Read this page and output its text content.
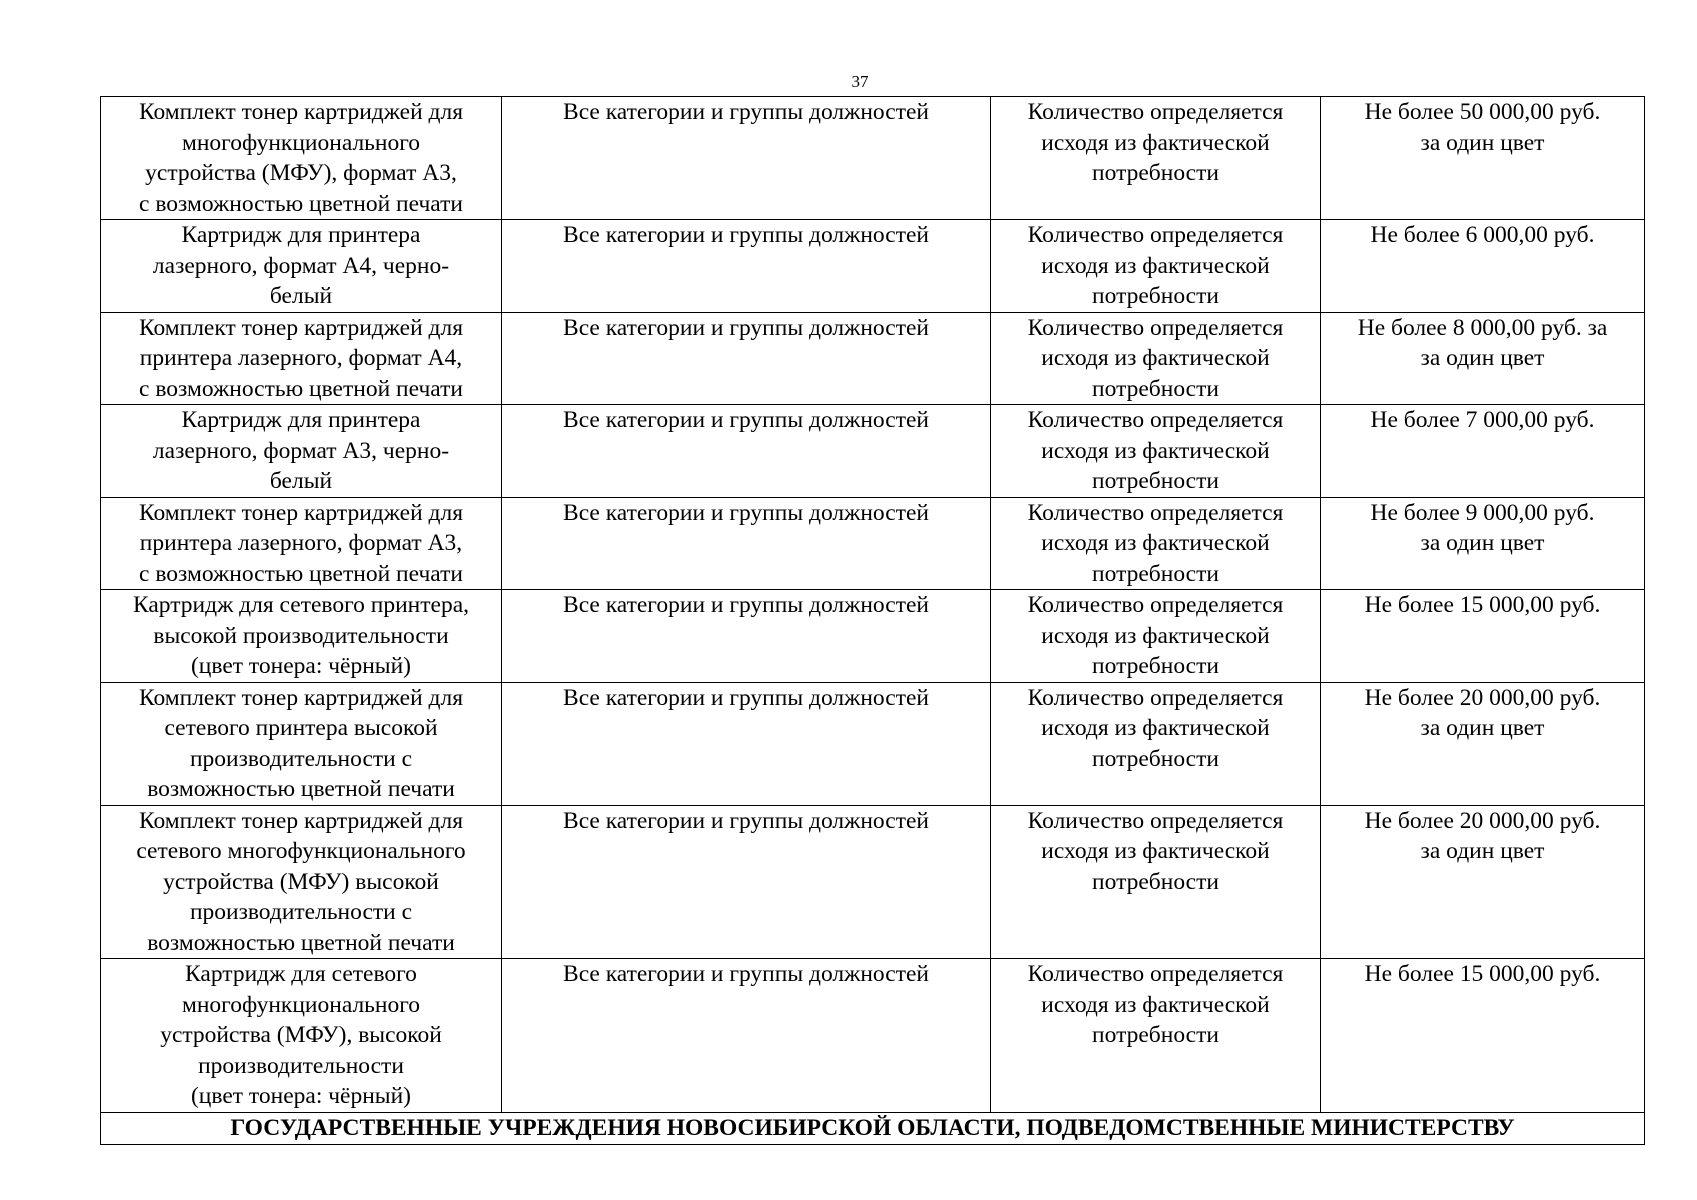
37
Комплект тонер картриджей для
многофункционального
устройства (МФУ), формат А3,
с возможностью цветной печати	Все категории и группы должностей	Количество определяется
исходя из фактической
потребности	Не более 50 000,00 руб.
за один цвет
Картридж для принтера
лазерного, формат А4, черно-
белый	Все категории и группы должностей	Количество определяется
исходя из фактической
потребности	Не более 6 000,00 руб.
Комплект тонер картриджей для
принтера лазерного, формат А4,
с возможностью цветной печати	Все категории и группы должностей	Количество определяется
исходя из фактической
потребности	Не более 8 000,00 руб. за
за один цвет
Картридж для принтера
лазерного, формат А3, черно-
белый	Все категории и группы должностей	Количество определяется
исходя из фактической
потребности	Не более 7 000,00 руб.
Комплект тонер картриджей для
принтера лазерного, формат А3,
с возможностью цветной печати	Все категории и группы должностей	Количество определяется
исходя из фактической
потребности	Не более 9 000,00 руб.
за один цвет
Картридж для сетевого принтера,
высокой производительности
(цвет тонера: чёрный)	Все категории и группы должностей	Количество определяется
исходя из фактической
потребности	Не более 15 000,00 руб.
Комплект тонер картриджей для
сетевого принтера высокой
производительности с
возможностью цветной печати	Все категории и группы должностей	Количество определяется
исходя из фактической
потребности	Не более 20 000,00 руб.
за один цвет
Комплект тонер картриджей для
сетевого многофункционального
устройства (МФУ) высокой
производительности с
возможностью цветной печати	Все категории и группы должностей	Количество определяется
исходя из фактической
потребности	Не более 20 000,00 руб.
за один цвет
Картридж для сетевого
многофункционального
устройства (МФУ), высокой
производительности
(цвет тонера: чёрный)	Все категории и группы должностей	Количество определяется
исходя из фактической
потребности	Не более 15 000,00 руб.
ГОСУДАРСТВЕННЫЕ УЧРЕЖДЕНИЯ НОВОСИБИРСКОЙ ОБЛАСТИ, ПОДВЕДОМСТВЕННЫЕ МИНИСТЕРСТВУ			
